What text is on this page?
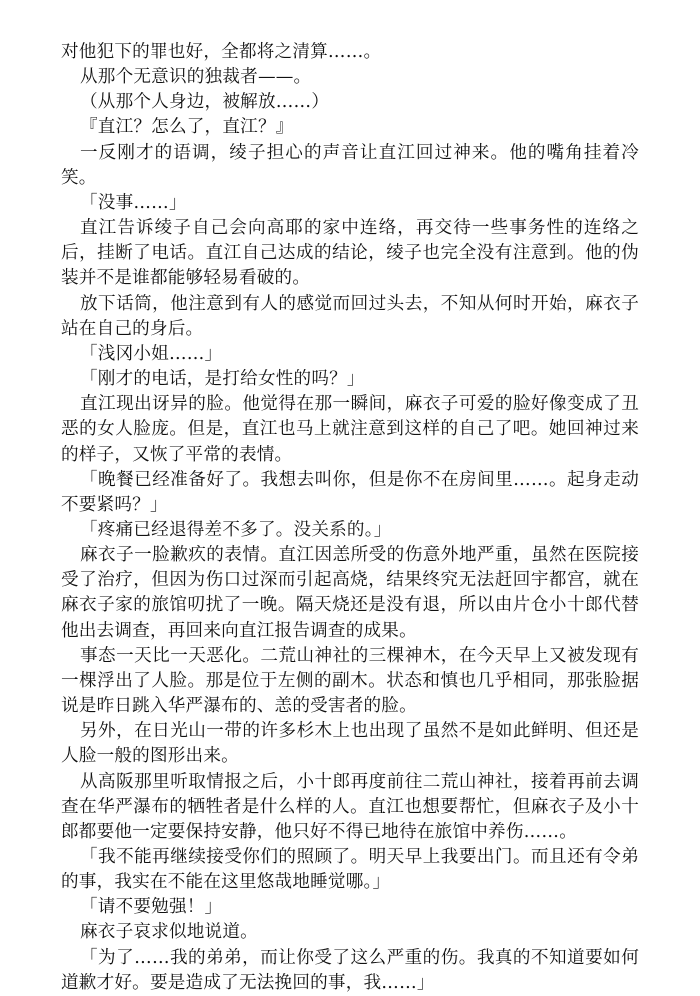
对他犯下的罪也好，全都将之清算……。

从那个无意识的独裁者——。

（从那个人身边，被解放……）

『直江？怎么了，直江？』

一反刚才的语调，绫子担心的声音让直江回过神来。他的嘴角挂着冷笑。

「没事……」

直江告诉绫子自己会向高耶的家中连络，再交待一些事务性的连络之后，挂断了电话。直江自己达成的结论，绫子也完全没有注意到。他的伪装并不是谁都能够轻易看破的。

放下话筒，他注意到有人的感觉而回过头去，不知从何时开始，麻衣子站在自己的身后。

「浅冈小姐……」

「刚才的电话，是打给女性的吗？」

直江现出讶异的脸。他觉得在那一瞬间，麻衣子可爱的脸好像变成了丑恶的女人脸庞。但是，直江也马上就注意到这样的自己了吧。她回神过来的样子，又恢了平常的表情。

「晚餐已经准备好了。我想去叫你，但是你不在房间里……。起身走动不要紧吗？」

「疼痛已经退得差不多了。没关系的。」

麻衣子一脸歉疚的表情。直江因恙所受的伤意外地严重，虽然在医院接受了治疗，但因为伤口过深而引起高烧，结果终究无法赶回宇都宫，就在麻衣子家的旅馆叨扰了一晚。隔天烧还是没有退，所以由片仓小十郎代替他出去调查，再回来向直江报告调查的成果。

事态一天比一天恶化。二荒山神社的三棵神木，在今天早上又被发现有一棵浮出了人脸。那是位于左侧的副木。状态和慎也几乎相同，那张脸据说是昨日跳入华严瀑布的、恙的受害者的脸。

另外，在日光山一带的许多杉木上也出现了虽然不是如此鲜明、但还是人脸一般的图形出来。

从高阪那里听取情报之后，小十郎再度前往二荒山神社，接着再前去调查在华严瀑布的牺牲者是什么样的人。直江也想要帮忙，但麻衣子及小十郎都要他一定要保持安静，他只好不得已地待在旅馆中养伤……。

「我不能再继续接受你们的照顾了。明天早上我要出门。而且还有令弟的事，我实在不能在这里悠哉地睡觉哪。」

「请不要勉强！」

麻衣子哀求似地说道。

「为了……我的弟弟，而让你受了这么严重的伤。我真的不知道要如何道歉才好。要是造成了无法挽回的事，我……」
